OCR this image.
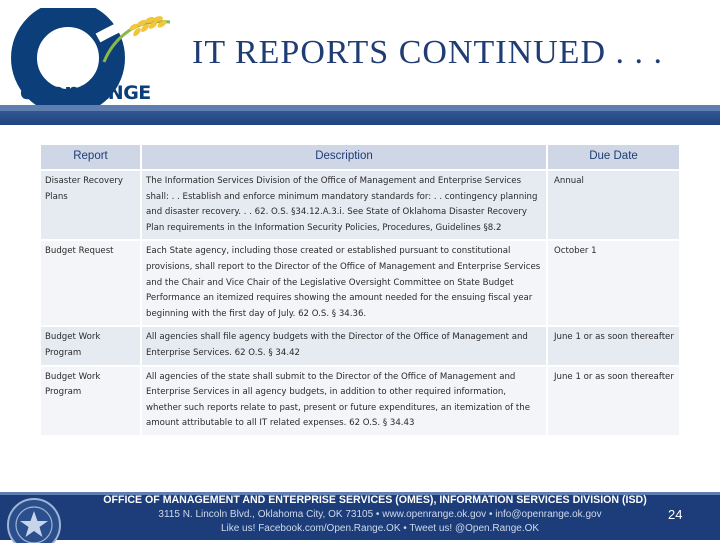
openRANGE
IT REPORTS CONTINUED . . .
Report	Description	Due Date
Disaster Recovery Plans	The Information Services Division of the Office of Management and Enterprise Services shall: . . Establish and enforce minimum mandatory standards for: . . contingency planning and disaster recovery. . . 62. O.S. §34.12.A.3.i. See State of Oklahoma Disaster Recovery Plan requirements in the Information Security Policies, Procedures, Guidelines §8.2	Annual
Budget Request	Each State agency, including those created or established pursuant to constitutional provisions, shall report to the Director of the Office of Management and Enterprise Services and the Chair and Vice Chair of the Legislative Oversight Committee on State Budget Performance an itemized requires showing the amount needed for the ensuing fiscal year beginning with the first day of July. 62 O.S. § 34.36.	October 1
Budget Work Program	All agencies shall file agency budgets with the Director of the Office of Management and Enterprise Services. 62 O.S. § 34.42	June 1 or as soon thereafter
Budget Work Program	All agencies of the state shall submit to the Director of the Office of Management and Enterprise Services in all agency budgets, in addition to other required information, whether such reports relate to past, present or future expenditures, an itemization of the amount attributable to all IT related expenses. 62 O.S. § 34.43	June 1 or as soon thereafter
OFFICE OF MANAGEMENT AND ENTERPRISE SERVICES (OMES), INFORMATION SERVICES DIVISION (ISD)
3115 N. Lincoln Blvd., Oklahoma City, OK 73105 • www.openrange.ok.gov • info@openrange.ok.gov
Like us! Facebook.com/Open.Range.OK • Tweet us! @Open.Range.OK
24
